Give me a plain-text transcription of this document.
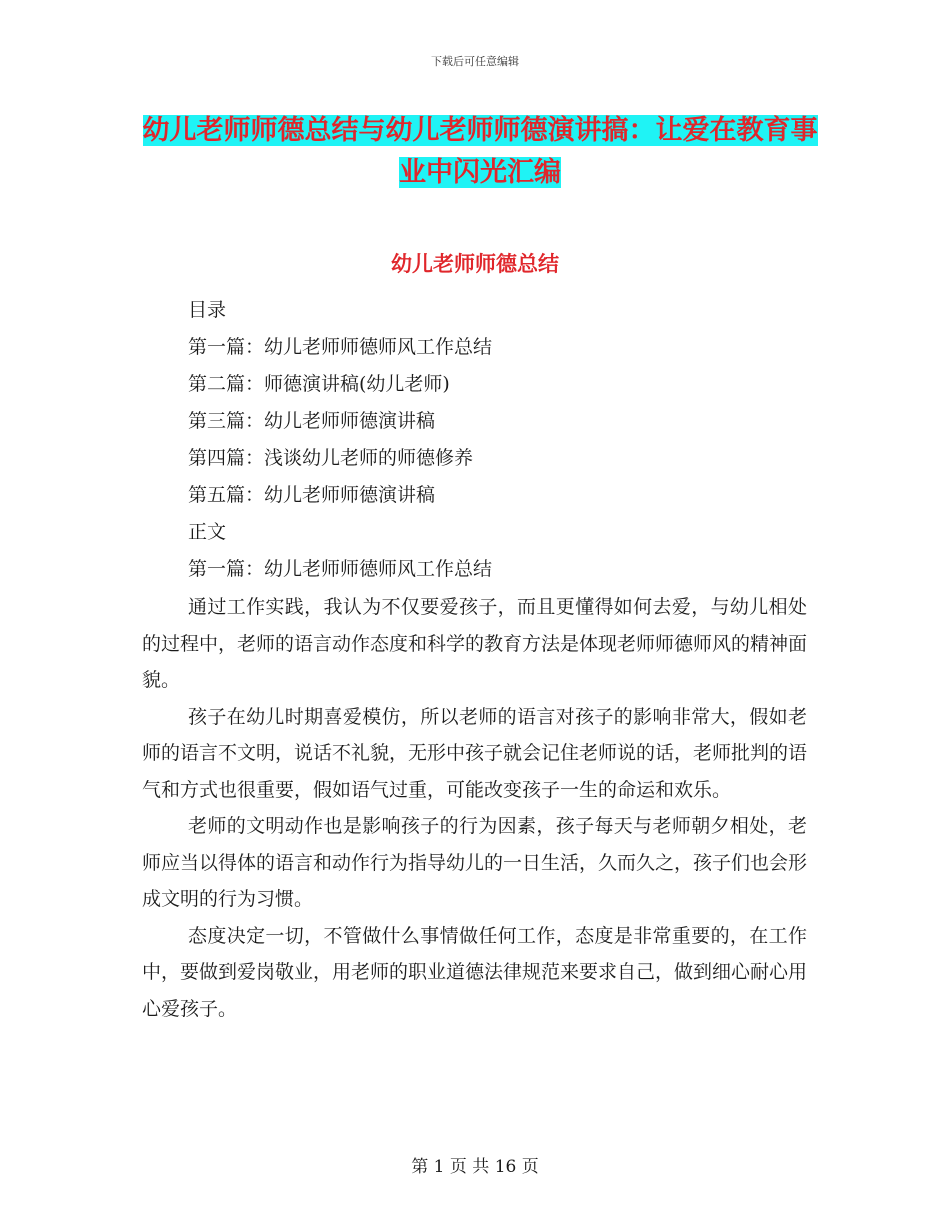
下载后可任意编辑
幼儿老师师德总结与幼儿老师师德演讲搞：让爱在教育事业中闪光汇编
幼儿老师师德总结
目录
第一篇：幼儿老师师德师风工作总结
第二篇：师德演讲稿(幼儿老师)
第三篇：幼儿老师师德演讲稿
第四篇：浅谈幼儿老师的师德修养
第五篇：幼儿老师师德演讲稿
正文
第一篇：幼儿老师师德师风工作总结

通过工作实践，我认为不仅要爱孩子，而且更懂得如何去爱，与幼儿相处的过程中，老师的语言动作态度和科学的教育方法是体现老师师德师风的精神面貌。

孩子在幼儿时期喜爱模仿，所以老师的语言对孩子的影响非常大，假如老师的语言不文明，说话不礼貌，无形中孩子就会记住老师说的话，老师批判的语气和方式也很重要，假如语气过重，可能改变孩子一生的命运和欢乐。

老师的文明动作也是影响孩子的行为因素，孩子每天与老师朝夕相处，老师应当以得体的语言和动作行为指导幼儿的一日生活，久而久之，孩子们也会形成文明的行为习惯。

态度决定一切，不管做什么事情做任何工作，态度是非常重要的，在工作中，要做到爱岗敬业，用老师的职业道德法律规范来要求自己，做到细心耐心用心爱孩子。

第 1 页 共 16 页
